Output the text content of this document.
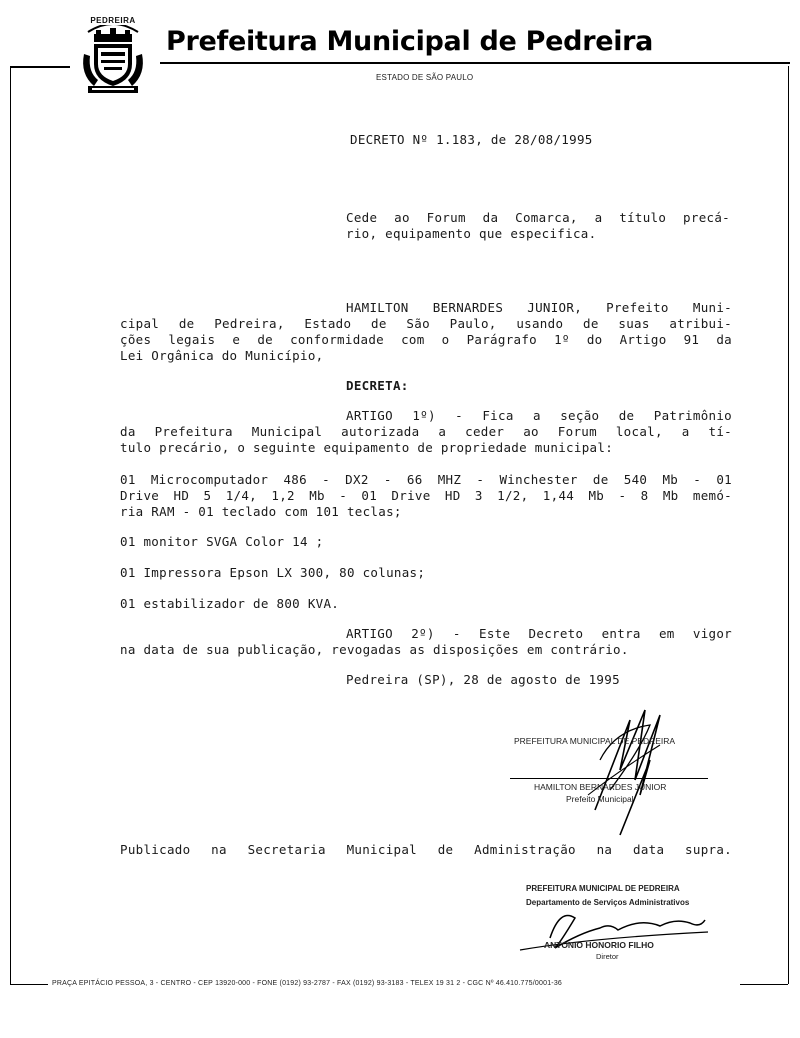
PEDREIRA
Prefeitura Municipal de Pedreira
ESTADO DE SÃO PAULO
DECRETO Nº 1.183, de 28/08/1995
Cede ao Forum da Comarca, a título precá-
rio, equipamento que especifica.
HAMILTON BERNARDES JUNIOR, Prefeito Muni-
cipal de Pedreira, Estado de São Paulo, usando de suas atribui-
ções legais e de conformidade com o Parágrafo 1º do Artigo 91 da
Lei Orgânica do Município,
DECRETA:
ARTIGO 1º) - Fica a seção de Patrimônio
da Prefeitura Municipal autorizada a ceder ao Forum local, a tí-
tulo precário, o seguinte equipamento de propriedade municipal:
01 Microcomputador 486 - DX2 - 66 MHZ - Winchester de 540 Mb - 01
Drive HD 5 1/4, 1,2 Mb - 01 Drive HD 3 1/2, 1,44 Mb - 8 Mb memó-
ria RAM - 01 teclado com 101 teclas;
01 monitor SVGA Color 14 ;
01 Impressora Epson LX 300, 80 colunas;
01 estabilizador de 800 KVA.
ARTIGO 2º) - Este Decreto entra em vigor
na data de sua publicação, revogadas as disposições em contrário.
Pedreira (SP), 28 de agosto de 1995
PREFEITURA MUNICIPAL DE PEDREIRA
HAMILTON BERNARDES JUNIOR
Prefeito Municipal
Publicado na Secretaria Municipal de Administração na data supra.
PREFEITURA MUNICIPAL DE PEDREIRA
Departamento de Serviços Administrativos
ANTONIO HONORIO FILHO
Diretor
PRAÇA EPITÁCIO PESSOA, 3 - CENTRO - CEP 13920-000 - FONE (0192) 93-2787 - FAX (0192) 93-3183 - TELEX 19 31 2 - CGC Nº 46.410.775/0001-36
